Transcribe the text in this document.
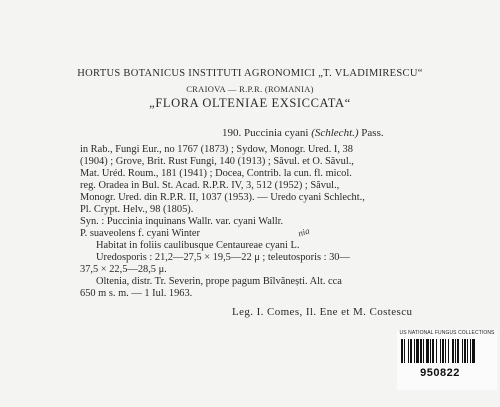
HORTUS BOTANICUS INSTITUTI AGRONOMICI „T. VLADIMIRESCU“
CRAIOVA — R.P.R. (ROMANIA)
„FLORA OLTENIAE EXSICCATA“
190. Puccinia cyani (Schlecht.) Pass.
in Rab., Fungi Eur., no 1767 (1873) ; Sydow, Monogr. Ured. I, 38
(1904) ; Grove, Brit. Rust Fungi, 140 (1913) ; Săvul. et O. Săvul.,
Mat. Uréd. Roum., 181 (1941) ; Docea, Contrib. la cun. fl. micol.
reg. Oradea in Bul. St. Acad. R.P.R. IV, 3, 512 (1952) ; Săvul.,
Monogr. Ured. din R.P.R. II, 1037 (1953). — Uredo cyani Schlecht.,
Pl. Crypt. Helv., 98 (1805).
Syn. : Puccinia inquinans Wallr. var. cyani Wallr.
P. suaveolens f. cyani Winter
Habitat in foliis caulibusque Centaureae cyani L.
nia
Uredosporis : 21,2—27,5 × 19,5—22 μ ; teleutosporis : 30—
37,5 × 22,5—28,5 μ.
Oltenia, distr. Tr. Severin, prope pagum Bîlvănești. Alt. cca
650 m s. m. — 1 Iul. 1963.
Leg. I. Comes, Il. Ene et M. Costescu
US NATIONAL FUNGUS COLLECTIONS
950822
